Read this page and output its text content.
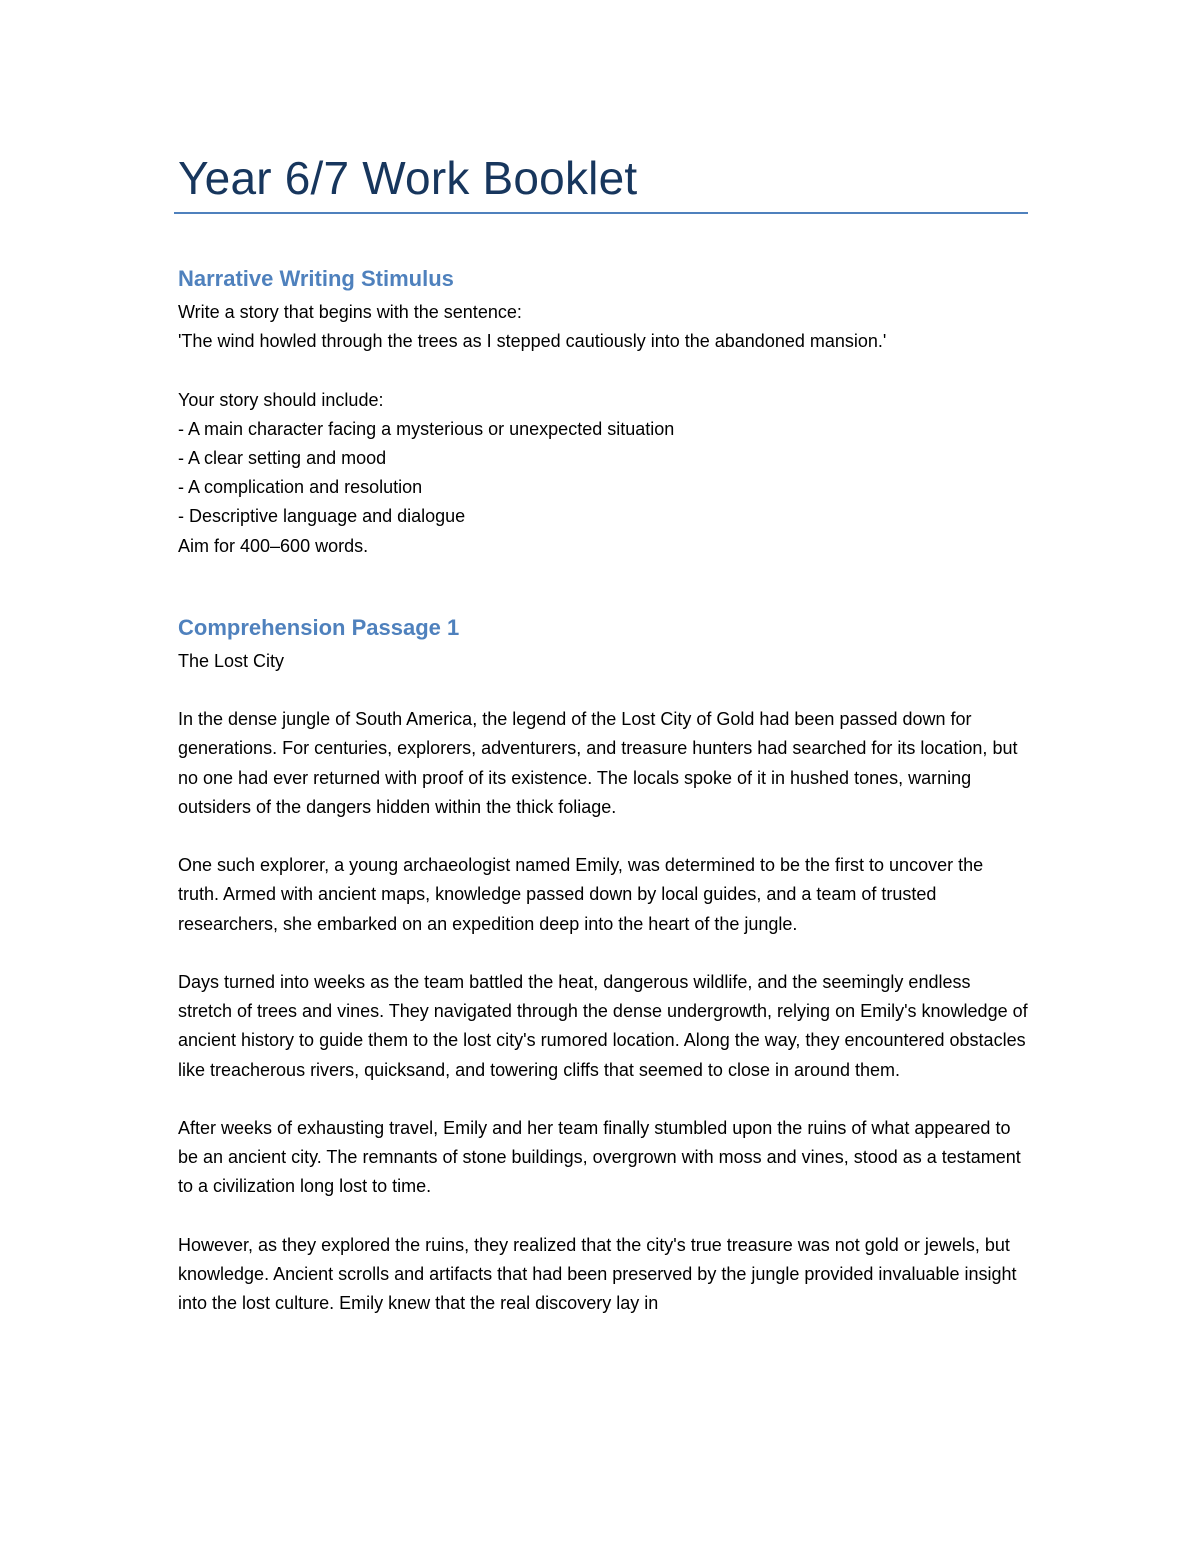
Year 6/7 Work Booklet
Narrative Writing Stimulus

Write a story that begins with the sentence:

'The wind howled through the trees as I stepped cautiously into the abandoned mansion.'

Your story should include:

- A main character facing a mysterious or unexpected situation

- A clear setting and mood

- A complication and resolution

- Descriptive language and dialogue

Aim for 400–600 words.

Comprehension Passage 1

The Lost City

In the dense jungle of South America, the legend of the Lost City of Gold had been passed down for generations. For centuries, explorers, adventurers, and treasure hunters had searched for its location, but no one had ever returned with proof of its existence. The locals spoke of it in hushed tones, warning outsiders of the dangers hidden within the thick foliage.

One such explorer, a young archaeologist named Emily, was determined to be the first to uncover the truth. Armed with ancient maps, knowledge passed down by local guides, and a team of trusted researchers, she embarked on an expedition deep into the heart of the jungle.

Days turned into weeks as the team battled the heat, dangerous wildlife, and the seemingly endless stretch of trees and vines. They navigated through the dense undergrowth, relying on Emily's knowledge of ancient history to guide them to the lost city's rumored location. Along the way, they encountered obstacles like treacherous rivers, quicksand, and towering cliffs that seemed to close in around them.

After weeks of exhausting travel, Emily and her team finally stumbled upon the ruins of what appeared to be an ancient city. The remnants of stone buildings, overgrown with moss and vines, stood as a testament to a civilization long lost to time.

However, as they explored the ruins, they realized that the city's true treasure was not gold or jewels, but knowledge. Ancient scrolls and artifacts that had been preserved by the jungle provided invaluable insight into the lost culture. Emily knew that the real discovery lay in
